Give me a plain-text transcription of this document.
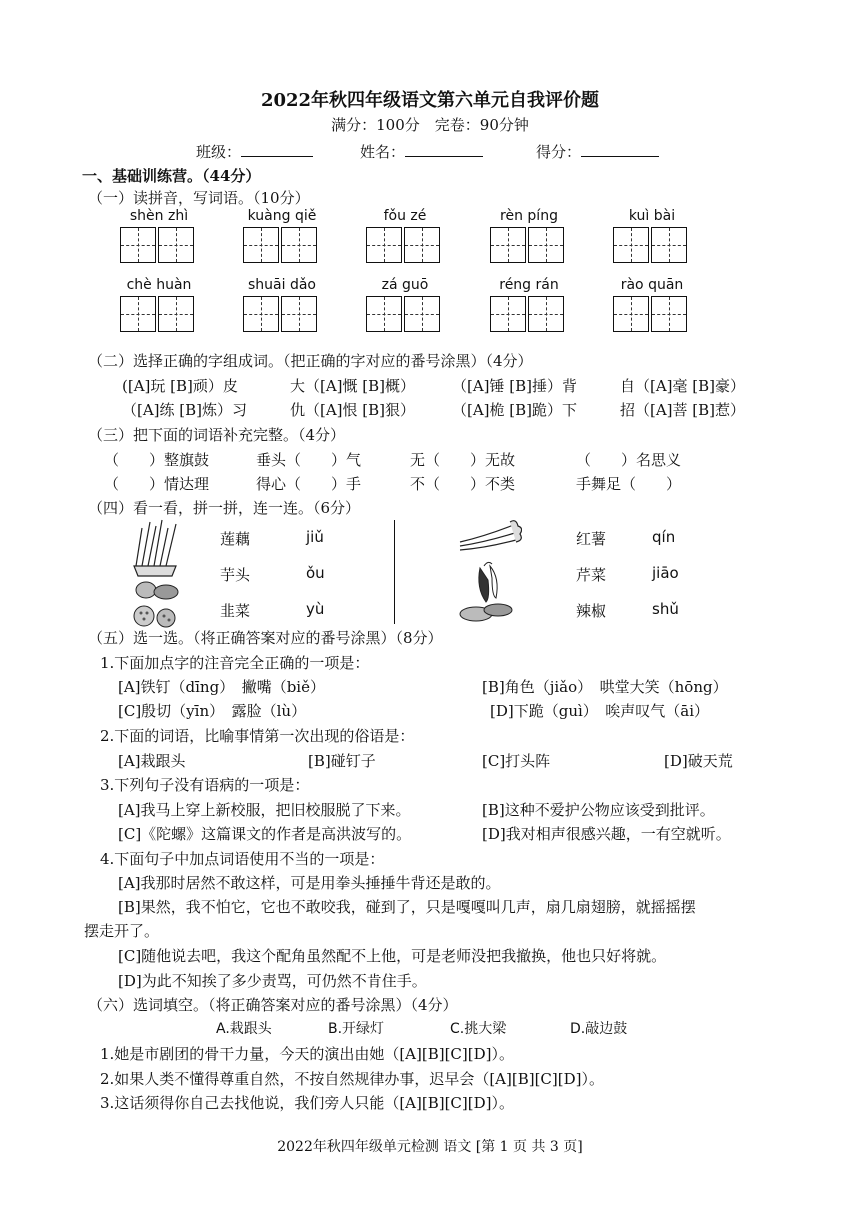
2022年秋四年级语文第六单元自我评价题
满分：100分　完卷：90分钟
班级：	姓名：	得分：
一、基础训练营。（44分）
（一）读拼音，写词语。（10分）
shèn zhì	kuàng qiě	fǒu zé	rèn píng	kuì bài
chè huàn	shuāi dǎo	zá guō	réng rán	rào quān
（二）选择正确的字组成词。（把正确的字对应的番号涂黑）（4分）
([A]玩 [B]顽）皮	大（[A]慨 [B]概） （[A]锤 [B]捶）背	自（[A]毫 [B]豪）
（[A]练 [B]炼）习	仇（[A]恨 [B]狠） （[A]桅 [B]跪）下	招（[A]菩 [B]惹）
（三）把下面的词语补充完整。（4分）
（　　）整旗鼓	垂头（　　）气	无（　　）无故	（　　）名思义
（　　）情达理	得心（　　）手	不（　　）不类	手舞足（　　）
（四）看一看，拼一拼，连一连。（6分）
莲藕	jiǔ
芋头	ǒu
韭菜	yù
红薯	qín
芹菜	jiāo
辣椒	shǔ
（五）选一选。（将正确答案对应的番号涂黑）（8分）
1.下面加点字的注音完全正确的一项是：
[A]铁钉（dīng）　撇嘴（biě）	[B]角色（jiǎo）　哄堂大笑（hōng）
[C]殷切（yīn）　露脸（lù）	[D]下跪（guì）　唉声叹气（āi）
2.下面的词语，比喻事情第一次出现的俗语是：
[A]栽跟头	[B]碰钉子	[C]打头阵	[D]破天荒
3.下列句子没有语病的一项是：
[A]我马上穿上新校服，把旧校服脱了下来。	[B]这种不爱护公物应该受到批评。
[C]《陀螺》这篇课文的作者是高洪波写的。	[D]我对相声很感兴趣，一有空就听。
4.下面句子中加点词语使用不当的一项是：
[A]我那时居然不敢这样，可是用拳头捶捶牛背还是敢的。
[B]果然，我不怕它，它也不敢咬我，碰到了，只是嘎嘎叫几声，扇几扇翅膀，就摇摇摆
摆走开了。
[C]随他说去吧，我这个配角虽然配不上他，可是老师没把我撤换，他也只好将就。
[D]为此不知挨了多少责骂，可仍然不肯住手。
（六）选词填空。（将正确答案对应的番号涂黑）（4分）
A.栽跟头	B.开绿灯	C.挑大梁	D.敲边鼓
1.她是市剧团的骨干力量，今天的演出由她（[A][B][C][D]）。
2.如果人类不懂得尊重自然，不按自然规律办事，迟早会（[A][B][C][D]）。
3.这话须得你自己去找他说，我们旁人只能（[A][B][C][D]）。
2022年秋四年级单元检测 语文 [第 1 页 共 3 页]
